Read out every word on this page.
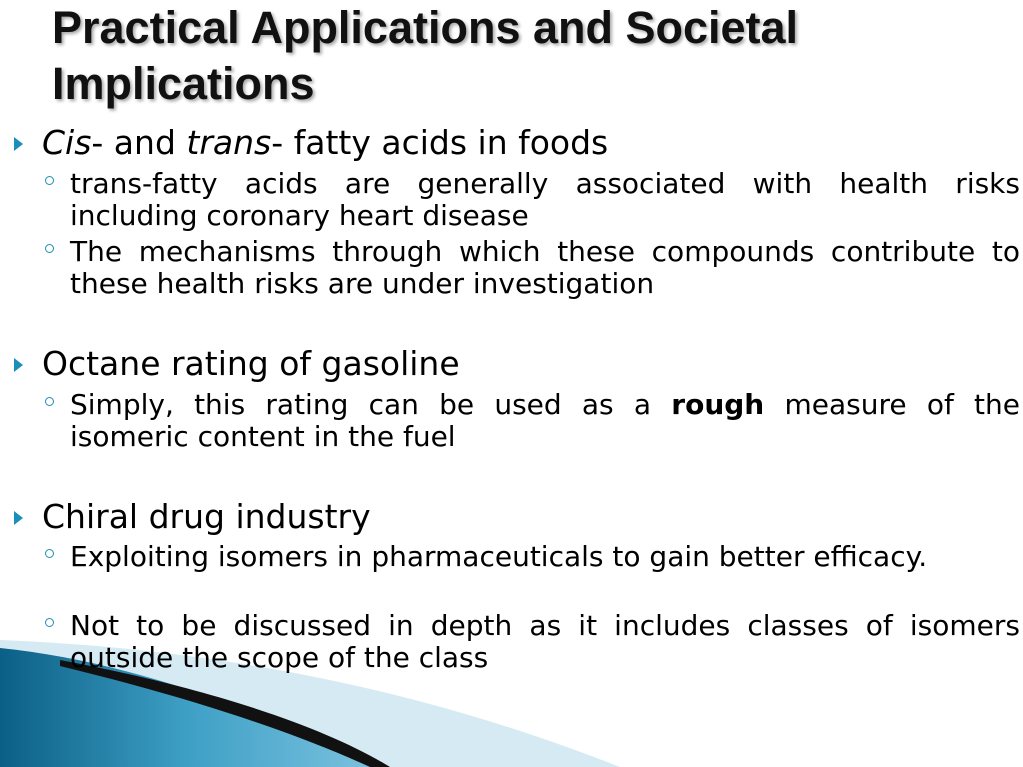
Practical Applications and Societal Implications
Cis- and trans- fatty acids in foods
trans-fatty acids are generally associated with health risks including coronary heart disease
The mechanisms through which these compounds contribute to these health risks are under investigation
Octane rating of gasoline
Simply, this rating can be used as a rough measure of the isomeric content in the fuel
Chiral drug industry
Exploiting isomers in pharmaceuticals to gain better efficacy.
Not to be discussed in depth as it includes classes of isomers outside the scope of the class
